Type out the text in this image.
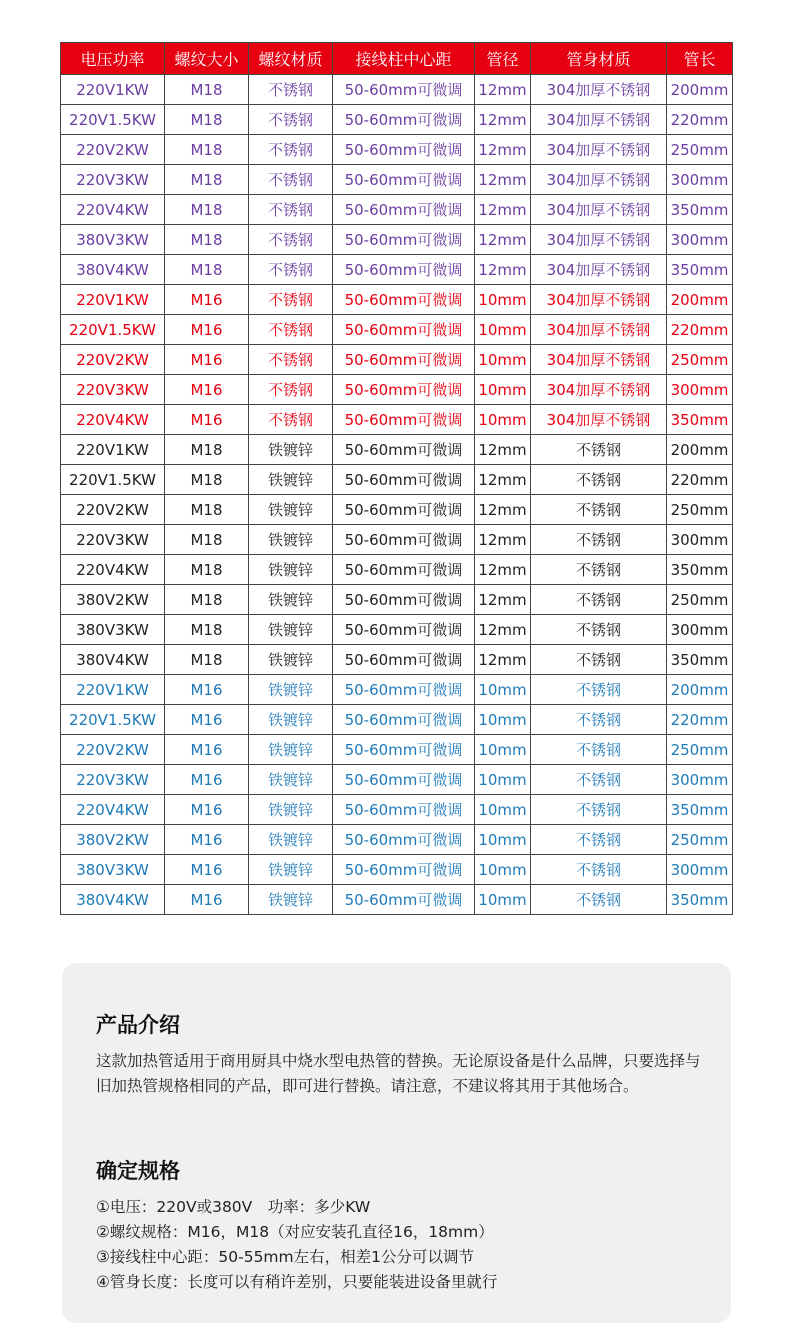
电压功率	螺纹大小	螺纹材质	接线柱中心距	管径	管身材质	管长
220V1KW	M18	不锈钢	50-60mm可微调	12mm	304加厚不锈钢	200mm
220V1.5KW	M18	不锈钢	50-60mm可微调	12mm	304加厚不锈钢	220mm
220V2KW	M18	不锈钢	50-60mm可微调	12mm	304加厚不锈钢	250mm
220V3KW	M18	不锈钢	50-60mm可微调	12mm	304加厚不锈钢	300mm
220V4KW	M18	不锈钢	50-60mm可微调	12mm	304加厚不锈钢	350mm
380V3KW	M18	不锈钢	50-60mm可微调	12mm	304加厚不锈钢	300mm
380V4KW	M18	不锈钢	50-60mm可微调	12mm	304加厚不锈钢	350mm
220V1KW	M16	不锈钢	50-60mm可微调	10mm	304加厚不锈钢	200mm
220V1.5KW	M16	不锈钢	50-60mm可微调	10mm	304加厚不锈钢	220mm
220V2KW	M16	不锈钢	50-60mm可微调	10mm	304加厚不锈钢	250mm
220V3KW	M16	不锈钢	50-60mm可微调	10mm	304加厚不锈钢	300mm
220V4KW	M16	不锈钢	50-60mm可微调	10mm	304加厚不锈钢	350mm
220V1KW	M18	铁镀锌	50-60mm可微调	12mm	不锈钢	200mm
220V1.5KW	M18	铁镀锌	50-60mm可微调	12mm	不锈钢	220mm
220V2KW	M18	铁镀锌	50-60mm可微调	12mm	不锈钢	250mm
220V3KW	M18	铁镀锌	50-60mm可微调	12mm	不锈钢	300mm
220V4KW	M18	铁镀锌	50-60mm可微调	12mm	不锈钢	350mm
380V2KW	M18	铁镀锌	50-60mm可微调	12mm	不锈钢	250mm
380V3KW	M18	铁镀锌	50-60mm可微调	12mm	不锈钢	300mm
380V4KW	M18	铁镀锌	50-60mm可微调	12mm	不锈钢	350mm
220V1KW	M16	铁镀锌	50-60mm可微调	10mm	不锈钢	200mm
220V1.5KW	M16	铁镀锌	50-60mm可微调	10mm	不锈钢	220mm
220V2KW	M16	铁镀锌	50-60mm可微调	10mm	不锈钢	250mm
220V3KW	M16	铁镀锌	50-60mm可微调	10mm	不锈钢	300mm
220V4KW	M16	铁镀锌	50-60mm可微调	10mm	不锈钢	350mm
380V2KW	M16	铁镀锌	50-60mm可微调	10mm	不锈钢	250mm
380V3KW	M16	铁镀锌	50-60mm可微调	10mm	不锈钢	300mm
380V4KW	M16	铁镀锌	50-60mm可微调	10mm	不锈钢	350mm
产品介绍

这款加热管适用于商用厨具中烧水型电热管的替换。无论原设备是什么品牌，只要选择与旧加热管规格相同的产品，即可进行替换。请注意，不建议将其用于其他场合。

确定规格
①电压：220V或380V　功率：多少KW
②螺纹规格：M16，M18（对应安装孔直径16，18mm）
③接线柱中心距：50-55mm左右，相差1公分可以调节
④管身长度：长度可以有稍许差别，只要能装进设备里就行
